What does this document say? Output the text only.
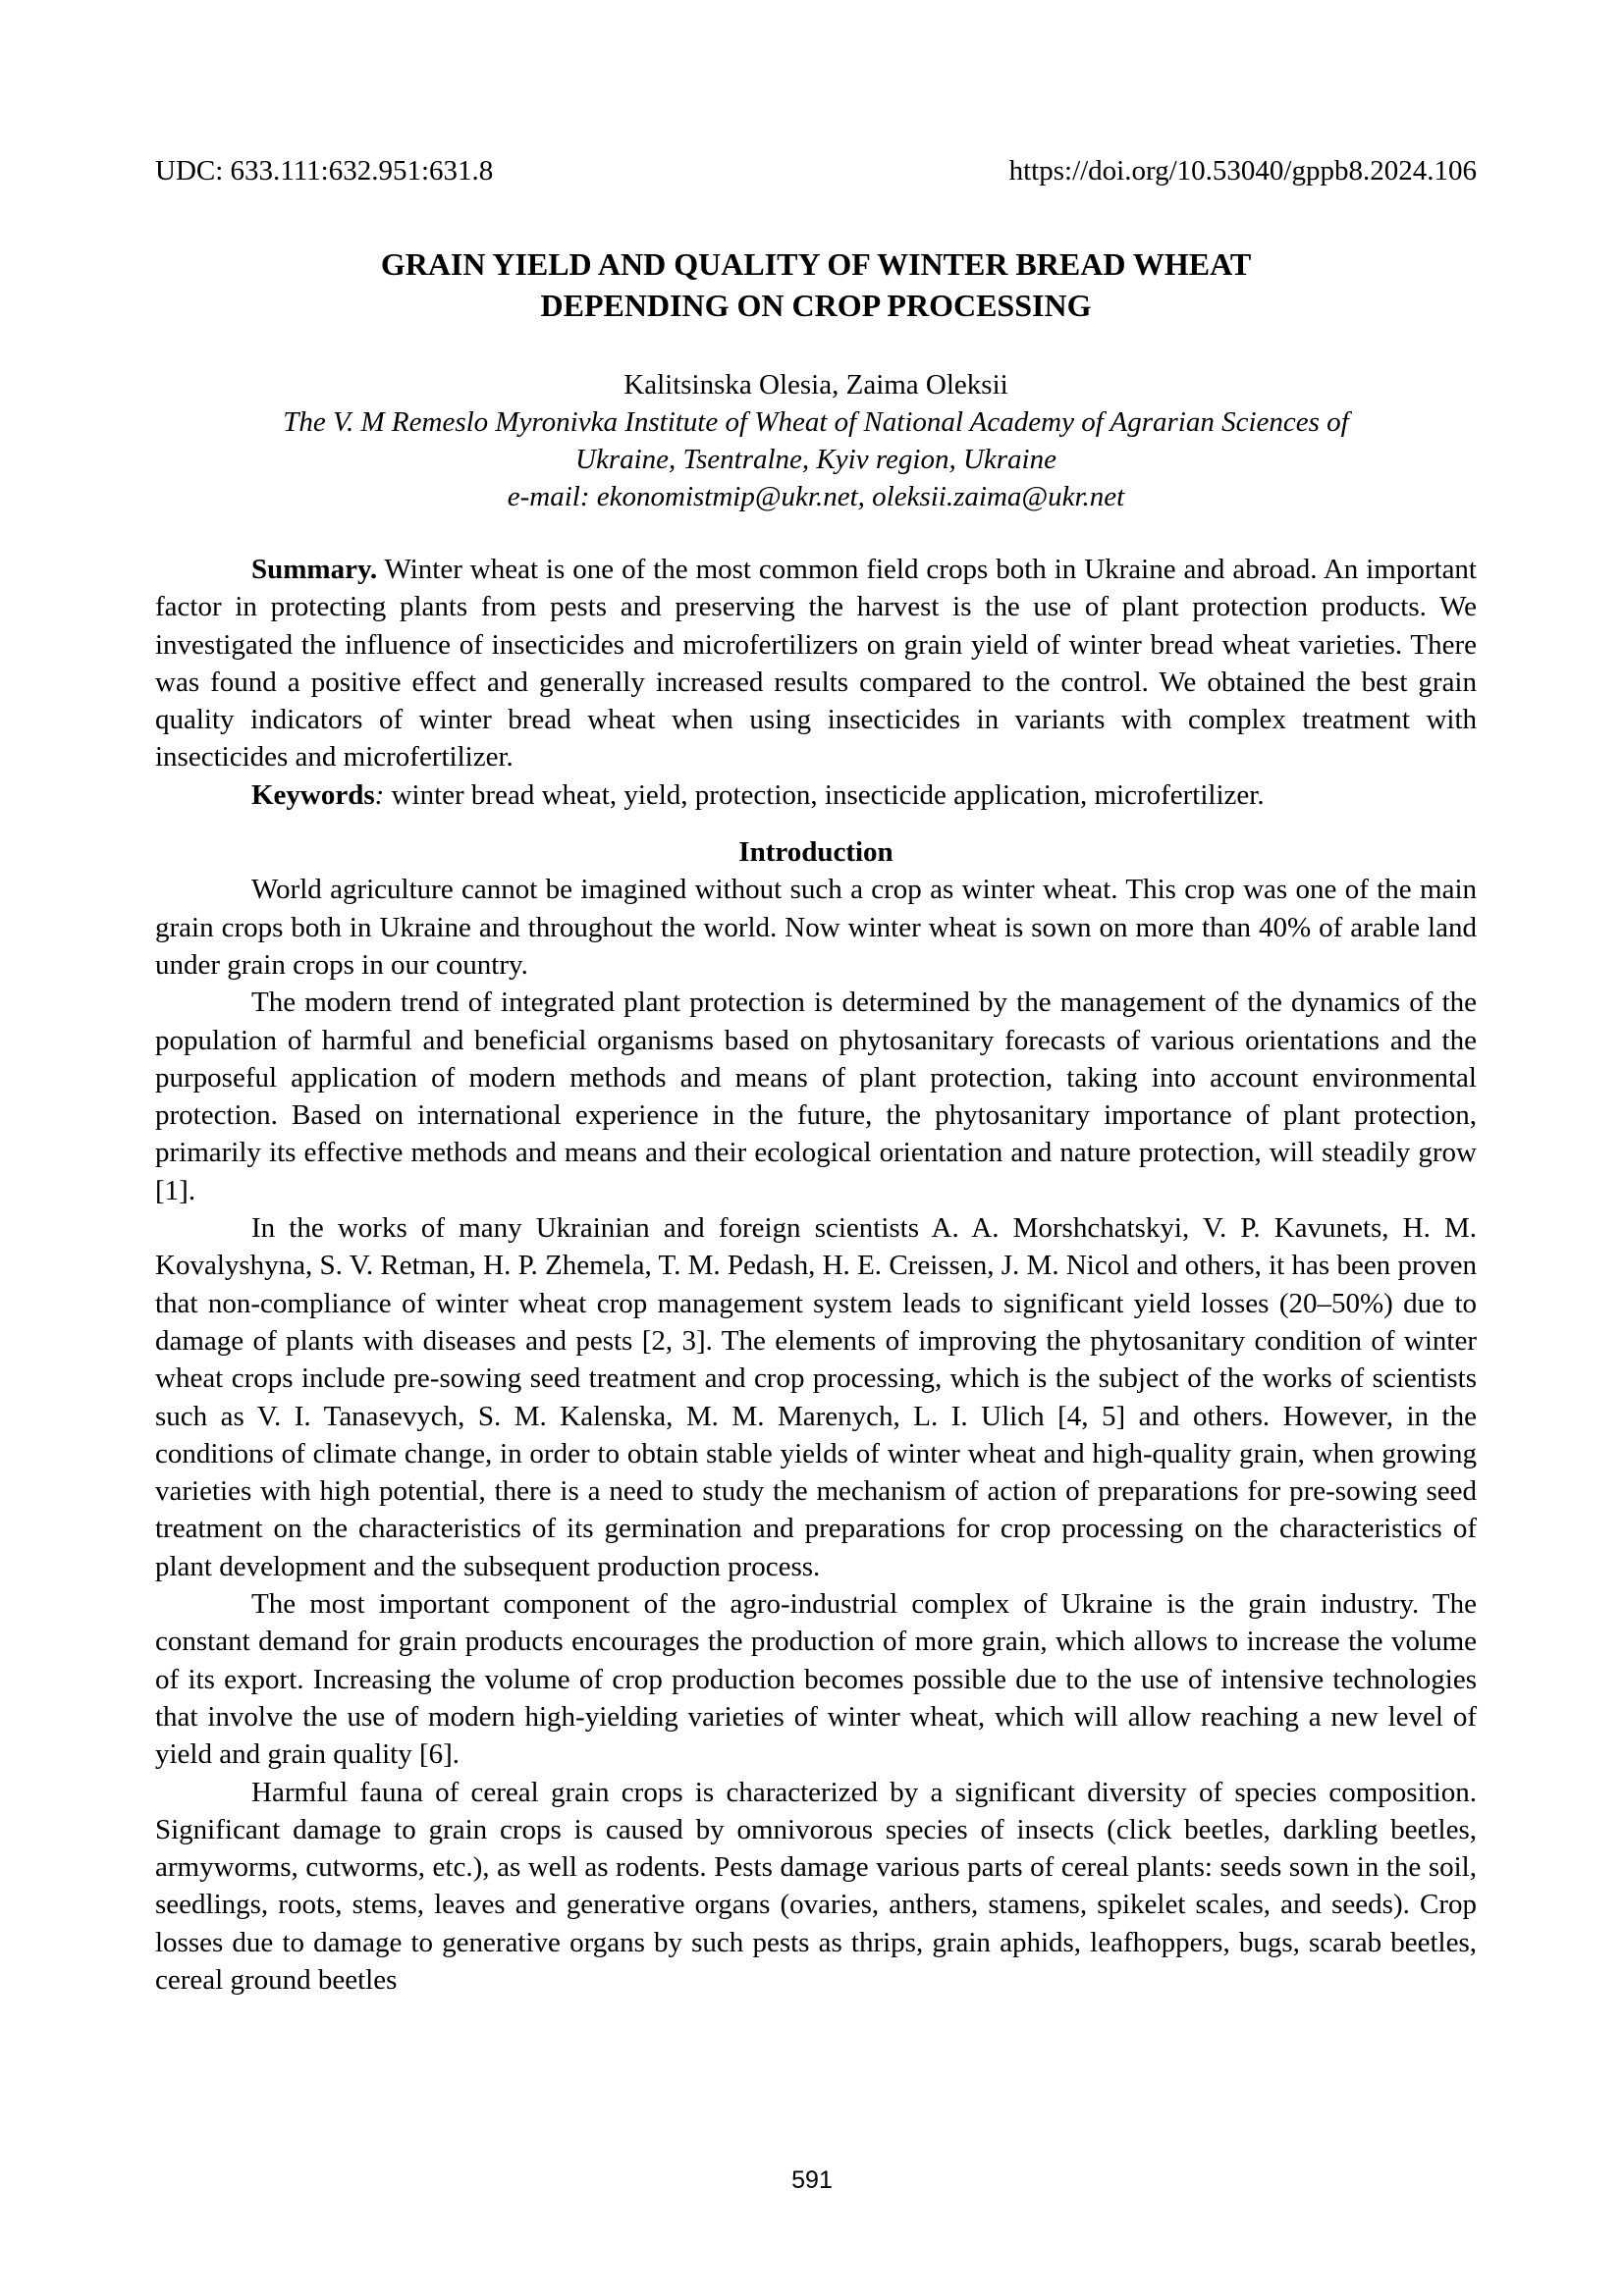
UDC: 633.111:632.951:631.8	https://doi.org/10.53040/gppb8.2024.106
GRAIN YIELD AND QUALITY OF WINTER BREAD WHEAT
DEPENDING ON CROP PROCESSING
Kalitsinska Olesia, Zaima Oleksii
The V. M Remeslo Myronivka Institute of Wheat of National Academy of Agrarian Sciences of
Ukraine, Tsentralne, Kyiv region, Ukraine
e-mail: ekonomistmip@ukr.net, oleksii.zaima@ukr.net

Summary. Winter wheat is one of the most common field crops both in Ukraine and abroad. An important factor in protecting plants from pests and preserving the harvest is the use of plant protection products. We investigated the influence of insecticides and microfertilizers on grain yield of winter bread wheat varieties. There was found a positive effect and generally increased results compared to the control. We obtained the best grain quality indicators of winter bread wheat when using insecticides in variants with complex treatment with insecticides and microfertilizer.

Keywords: winter bread wheat, yield, protection, insecticide application, microfertilizer.

Introduction

World agriculture cannot be imagined without such a crop as winter wheat. This crop was one of the main grain crops both in Ukraine and throughout the world. Now winter wheat is sown on more than 40% of arable land under grain crops in our country.

The modern trend of integrated plant protection is determined by the management of the dynamics of the population of harmful and beneficial organisms based on phytosanitary forecasts of various orientations and the purposeful application of modern methods and means of plant protection, taking into account environmental protection. Based on international experience in the future, the phytosanitary importance of plant protection, primarily its effective methods and means and their ecological orientation and nature protection, will steadily grow [1].

In the works of many Ukrainian and foreign scientists A. A. Morshchatskyi, V. P. Kavunets, H. M. Kovalyshyna, S. V. Retman, H. P. Zhemela, T. M. Pedash, H. E. Creissen, J. M. Nicol and others, it has been proven that non-compliance of winter wheat crop management system leads to significant yield losses (20–50%) due to damage of plants with diseases and pests [2, 3]. The elements of improving the phytosanitary condition of winter wheat crops include pre-sowing seed treatment and crop processing, which is the subject of the works of scientists such as V. I. Tanasevych, S. M. Kalenska, M. M. Marenych, L. I. Ulich [4, 5] and others. However, in the conditions of climate change, in order to obtain stable yields of winter wheat and high-quality grain, when growing varieties with high potential, there is a need to study the mechanism of action of preparations for pre-sowing seed treatment on the characteristics of its germination and preparations for crop processing on the characteristics of plant development and the subsequent production process.

The most important component of the agro-industrial complex of Ukraine is the grain industry. The constant demand for grain products encourages the production of more grain, which allows to increase the volume of its export. Increasing the volume of crop production becomes possible due to the use of intensive technologies that involve the use of modern high-yielding varieties of winter wheat, which will allow reaching a new level of yield and grain quality [6].

Harmful fauna of cereal grain crops is characterized by a significant diversity of species composition. Significant damage to grain crops is caused by omnivorous species of insects (click beetles, darkling beetles, armyworms, cutworms, etc.), as well as rodents. Pests damage various parts of cereal plants: seeds sown in the soil, seedlings, roots, stems, leaves and generative organs (ovaries, anthers, stamens, spikelet scales, and seeds). Crop losses due to damage to generative organs by such pests as thrips, grain aphids, leafhoppers, bugs, scarab beetles, cereal ground beetles

591
